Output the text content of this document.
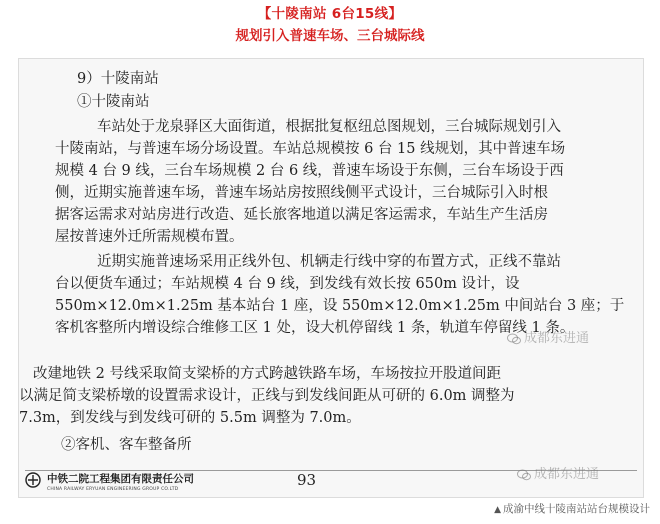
【十陵南站 6台15线】
规划引入普速车场、三台城际线

9）十陵南站

①十陵南站

车站处于龙泉驿区大面街道，根据批复枢纽总图规划，三台城际规划引入
十陵南站，与普速车场分场设置。车站总规模按 6 台 15 线规划，其中普速车场
规模 4 台 9 线，三台车场规模 2 台 6 线，普速车场设于东侧，三台车场设于西
侧，近期实施普速车场，普速车场站房按照线侧平式设计，三台城际引入时根
据客运需求对站房进行改造、延长旅客地道以满足客运需求，车站生产生活房
屋按普速外迁所需规模布置。
近期实施普速场采用正线外包、机辆走行线中穿的布置方式，正线不靠站
台以便货车通过；车站规模 4 台 9 线，到发线有效长按 650m 设计，设
550m×12.0m×1.25m 基本站台 1 座，设 550m×12.0m×1.25m 中间站台 3 座；于
客机客整所内增设综合维修工区 1 处，设大机停留线 1 条，轨道车停留线 1 条。
改建地铁 2 号线采取简支梁桥的方式跨越铁路车场，车场按拉开股道间距
以满足简支梁桥墩的设置需求设计，正线与到发线间距从可研的 6.0m 调整为
7.3m，到发线与到发线可研的 5.5m 调整为 7.0m。

②客机、客车整备所

中铁二院工程集团有限责任公司
CHINA RAILWAY ERYUAN ENGINEERING GROUP CO.LTD
93
成都东进通
成都东进通
▲ 成渝中线十陵南站站台规模设计
